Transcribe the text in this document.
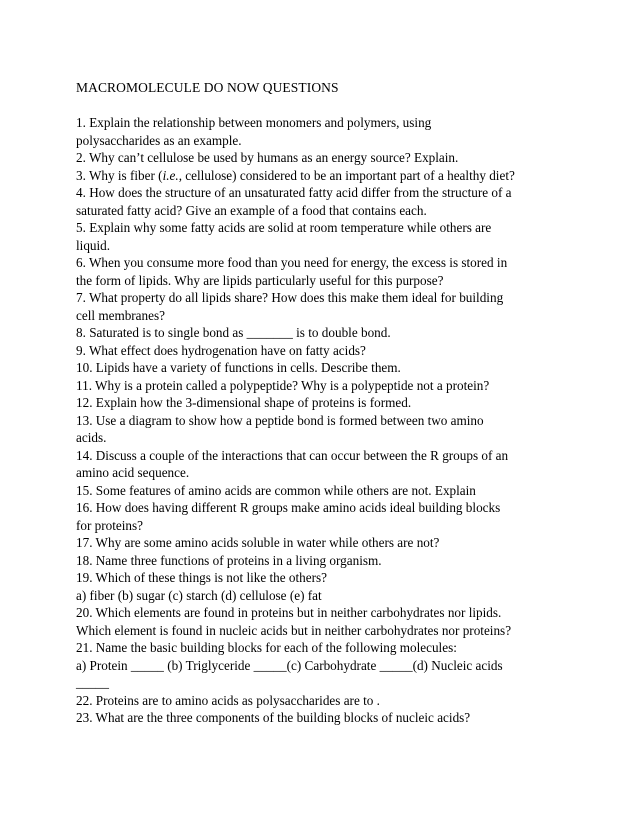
MACROMOLECULE DO NOW QUESTIONS
1. Explain the relationship between monomers and polymers, using
polysaccharides as an example.
2. Why can’t cellulose be used by humans as an energy source? Explain.
3. Why is fiber (i.e., cellulose) considered to be an important part of a healthy diet?
4. How does the structure of an unsaturated fatty acid differ from the structure of a
saturated fatty acid? Give an example of a food that contains each.
5. Explain why some fatty acids are solid at room temperature while others are
liquid.
6. When you consume more food than you need for energy, the excess is stored in
the form of lipids. Why are lipids particularly useful for this purpose?
7. What property do all lipids share? How does this make them ideal for building
cell membranes?
8. Saturated is to single bond as _______ is to double bond.
9. What effect does hydrogenation have on fatty acids?
10. Lipids have a variety of functions in cells. Describe them.
11. Why is a protein called a polypeptide? Why is a polypeptide not a protein?
12. Explain how the 3-dimensional shape of proteins is formed.
13. Use a diagram to show how a peptide bond is formed between two amino
acids.
14. Discuss a couple of the interactions that can occur between the R groups of an
amino acid sequence.
15. Some features of amino acids are common while others are not. Explain
16. How does having different R groups make amino acids ideal building blocks
for proteins?
17. Why are some amino acids soluble in water while others are not?
18. Name three functions of proteins in a living organism.
19. Which of these things is not like the others?
a) fiber (b) sugar (c) starch (d) cellulose (e) fat
20. Which elements are found in proteins but in neither carbohydrates nor lipids.
Which element is found in nucleic acids but in neither carbohydrates nor proteins?
21. Name the basic building blocks for each of the following molecules:
a) Protein _____ (b) Triglyceride _____(c) Carbohydrate _____(d) Nucleic acids
_____
22. Proteins are to amino acids as polysaccharides are to .
23. What are the three components of the building blocks of nucleic acids?
